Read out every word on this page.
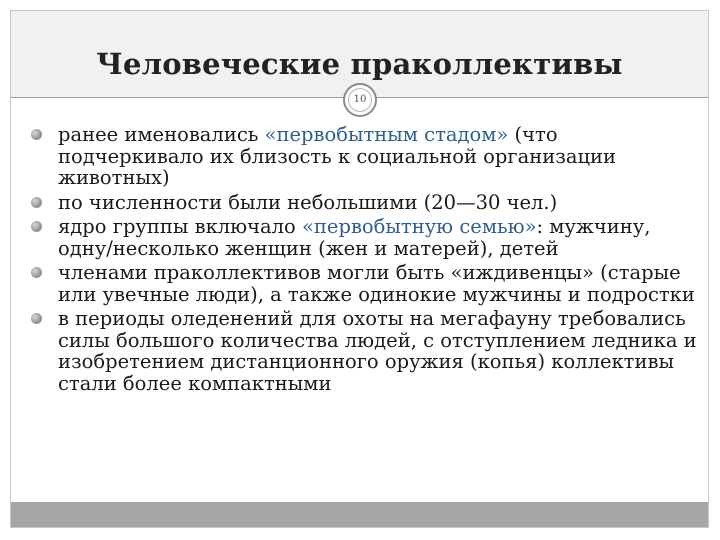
Человеческие праколлективы
10
ранее именовались «первобытным стадом» (что подчеркивало их близость к социальной организации животных)
по численности были небольшими (20—30 чел.)
ядро группы включало «первобытную семью»: мужчину, одну/несколько женщин (жен и матерей), детей
членами праколлективов могли быть «иждивенцы» (старые или увечные люди), а также одинокие мужчины и подростки
в периоды оледенений для охоты на мегафауну требовались силы большого количества людей, с отступлением ледника и изобретением дистанционного оружия (копья) коллективы стали более компактными
